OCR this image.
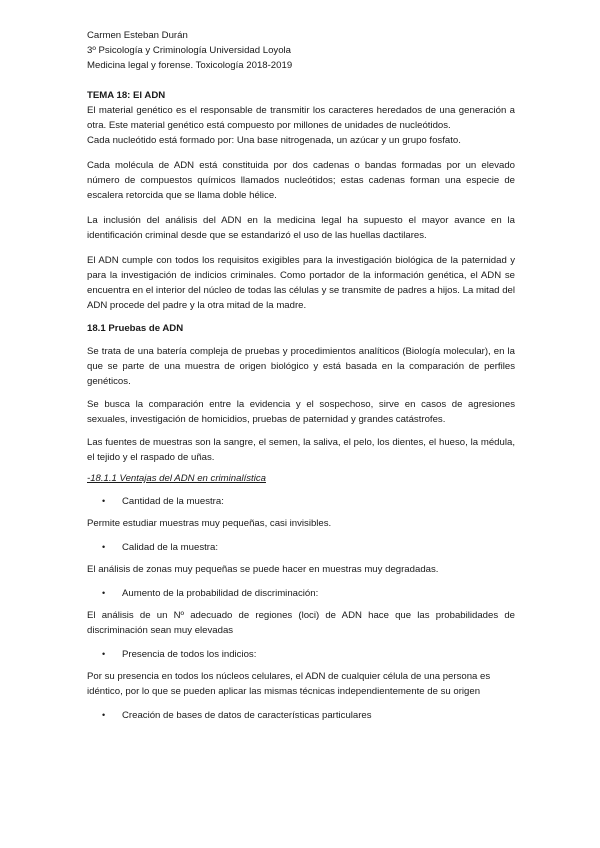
Carmen Esteban Durán

3º Psicología y Criminología Universidad Loyola

Medicina legal y forense. Toxicología 2018-2019

TEMA 18: El ADN

El material genético es el responsable de transmitir los caracteres heredados de una generación a otra. Este material genético está compuesto por millones de unidades de nucleótidos.

Cada nucleótido está formado por: Una base nitrogenada, un azúcar y un grupo fosfato.

Cada molécula de ADN está constituida por dos cadenas o bandas formadas por un elevado número de compuestos químicos llamados nucleótidos; estas cadenas forman una especie de escalera retorcida que se llama doble hélice.

La inclusión del análisis del ADN en la medicina legal ha supuesto el mayor avance en la identificación criminal desde que se estandarizó el uso de las huellas dactilares.

El ADN cumple con todos los requisitos exigibles para la investigación biológica de la paternidad y para la investigación de indicios criminales. Como portador de la información genética, el ADN se encuentra en el interior del núcleo de todas las células y se transmite de padres a hijos. La mitad del ADN procede del padre y la otra mitad de la madre.

18.1 Pruebas de ADN

Se trata de una batería compleja de pruebas y procedimientos analíticos (Biología molecular), en la que se parte de una muestra de origen biológico y está basada en la comparación de perfiles genéticos.

Se busca la comparación entre la evidencia y el sospechoso, sirve en casos de agresiones sexuales, investigación de homicidios, pruebas de paternidad y grandes catástrofes.

Las fuentes de muestras son la sangre, el semen, la saliva, el pelo, los dientes, el hueso, la médula, el tejido y el raspado de uñas.

-18.1.1 Ventajas del ADN en criminalística

• Cantidad de la muestra:

Permite estudiar muestras muy pequeñas, casi invisibles.

• Calidad de la muestra:

El análisis de zonas muy pequeñas se puede hacer en muestras muy degradadas.

• Aumento de la probabilidad de discriminación:

El análisis de un Nº adecuado de regiones (loci) de ADN hace que las probabilidades de discriminación sean muy elevadas

• Presencia de todos los indicios:

Por su presencia en todos los núcleos celulares, el ADN de cualquier célula de una persona es idéntico, por lo que se pueden aplicar las mismas técnicas independientemente de su origen

• Creación de bases de datos de características particulares
